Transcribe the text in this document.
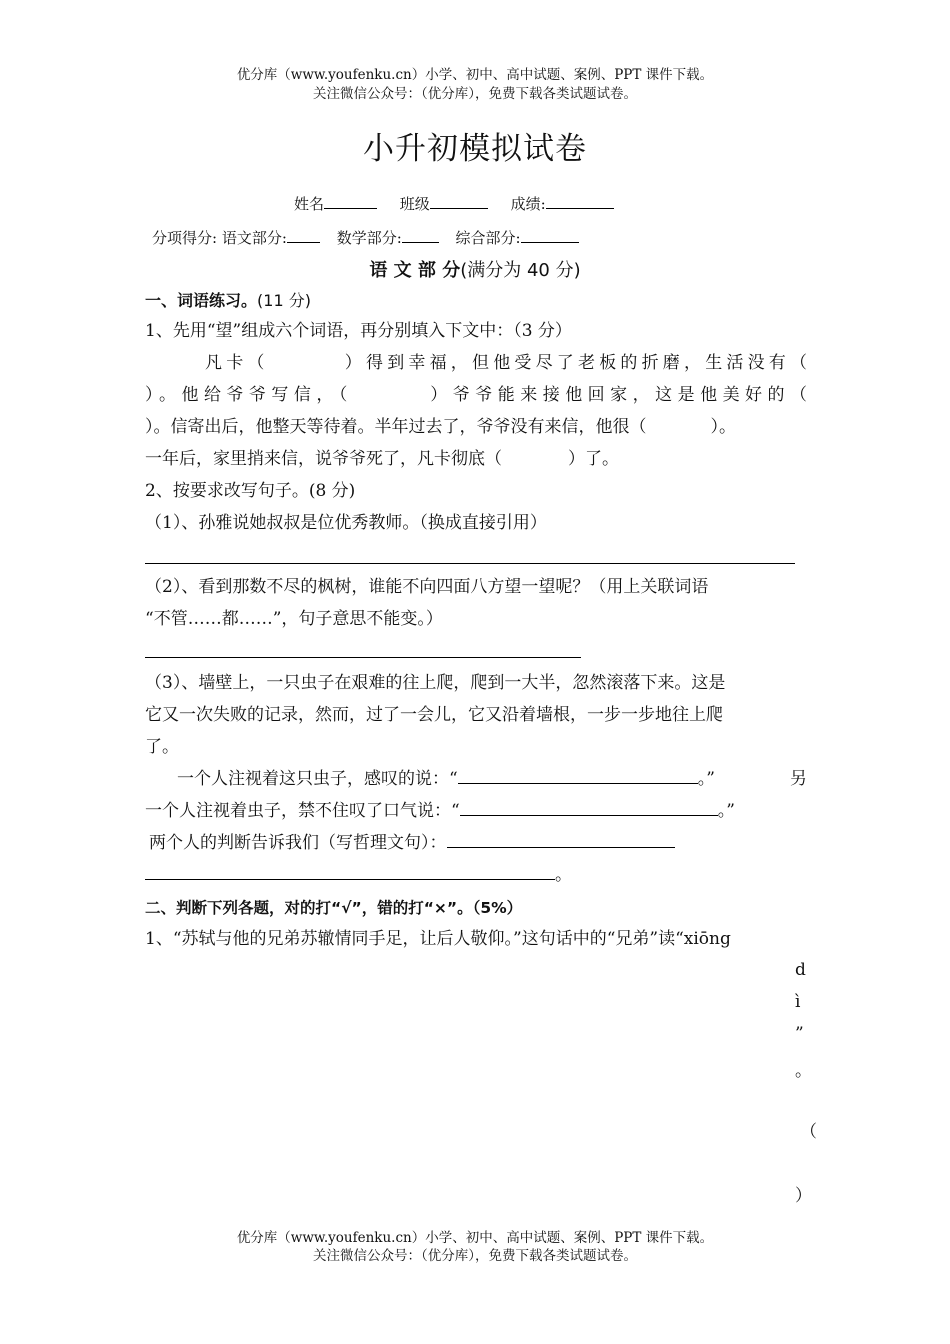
优分库（www.youfenku.cn）小学、初中、高中试题、案例、PPT 课件下载。
关注微信公众号：（优分库），免费下载各类试题试卷。
小升初模拟试卷
姓名	班级	成绩:
分项得分: 语文部分:	数学部分:	综合部分:
语 文 部 分(满分为 40 分)
一、词语练习。(11 分)
1、先用“望”组成六个词语，再分别填入下文中：（3 分）
凡卡（	）得到幸福，但他受尽了老板的折磨，生活没有（
）。他给爷爷写信，（	）爷爷能来接他回家，这是他美好的（
）。信寄出后，他整天等待着。半年过去了，爷爷没有来信，他很（	）。
一年后，家里捎来信，说爷爷死了，凡卡彻底（	）了。
2、按要求改写句子。(8 分)
（1）、孙雅说她叔叔是位优秀教师。（换成直接引用）
（2）、看到那数不尽的枫树，谁能不向四面八方望一望呢？（用上关联词语
“不管……都……”，句子意思不能变。）
（3）、墙壁上，一只虫子在艰难的往上爬，爬到一大半，忽然滚落下来。这是
它又一次失败的记录，然而，过了一会儿，它又沿着墙根，一步一步地往上爬
了。
一个人注视着这只虫子，感叹的说：“	。”	另
一个人注视着虫子，禁不住叹了口气说：“	。”
两个人的判断告诉我们（写哲理文句）：
。
二、判断下列各题，对的打“√”，错的打“×”。（5%）
1、“苏轼与他的兄弟苏辙情同手足，让后人敬仰。”这句话中的“兄弟”读“xiōng
d
ì
”
。
（
）
优分库（www.youfenku.cn）小学、初中、高中试题、案例、PPT 课件下载。
关注微信公众号：（优分库），免费下载各类试题试卷。
